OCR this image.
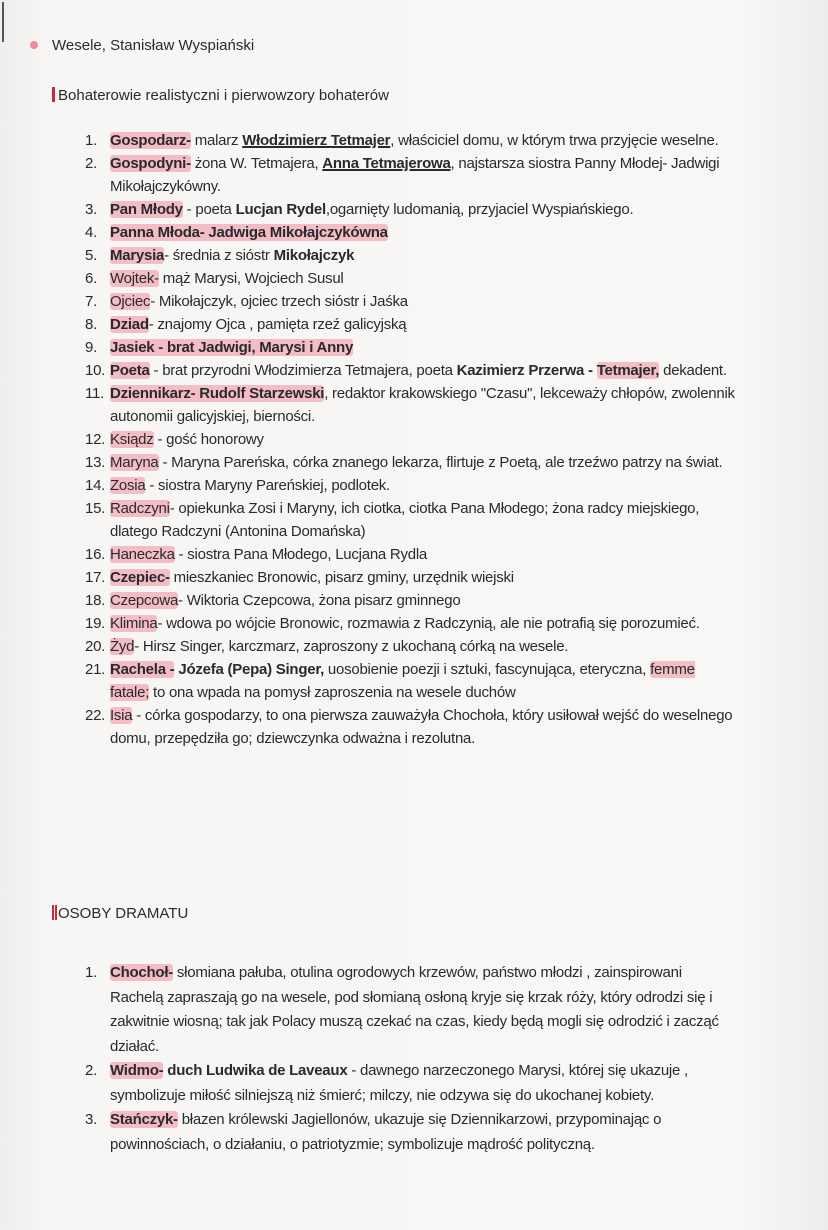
Wesele, Stanisław Wyspiański
Bohaterowie realistyczni i pierwowzory bohaterów
1. Gospodarz- malarz Włodzimierz Tetmajer, właściciel domu, w którym trwa przyjęcie weselne.
2. Gospodyni- żona W. Tetmajera, Anna Tetmajerowa, najstarsza siostra Panny Młodej- Jadwigi Mikołajczykówny.
3. Pan Młody - poeta Lucjan Rydel,ogarnięty ludomanią, przyjaciel Wyspiańskiego.
4. Panna Młoda- Jadwiga Mikołajczykówna
5. Marysia- średnia z sióstr Mikołajczyk
6. Wojtek- mąż Marysi, Wojciech Susul
7. Ojciec- Mikołajczyk, ojciec trzech sióstr i Jaśka
8. Dziad- znajomy Ojca , pamięta rzeź galicyjską
9. Jasiek - brat Jadwigi, Marysi i Anny
10. Poeta - brat przyrodni Włodzimierza Tetmajera, poeta Kazimierz Przerwa - Tetmajer, dekadent.
11. Dziennikarz- Rudolf Starzewski, redaktor krakowskiego "Czasu", lekceważy chłopów, zwolennik autonomii galicyjskiej, bierności.
12. Ksiądz - gość honorowy
13. Maryna - Maryna Pareńska, córka znanego lekarza, flirtuje z Poetą, ale trzeźwo patrzy na świat.
14. Zosia - siostra Maryny Pareńskiej, podlotek.
15. Radczyni- opiekunka Zosi i Maryny, ich ciotka, ciotka Pana Młodego; żona radcy miejskiego, dlatego Radczyni (Antonina Domańska)
16. Haneczka - siostra Pana Młodego, Lucjana Rydla
17. Czepiec- mieszkaniec Bronowic, pisarz gminy, urzędnik wiejski
18. Czepcowa- Wiktoria Czepcowa, żona pisarz gminnego
19. Klimina- wdowa po wójcie Bronowic, rozmawia z Radczynią, ale nie potrafią się porozumieć.
20. Żyd- Hirsz Singer, karczmarz, zaproszony z ukochaną córką na wesele.
21. Rachela - Józefa (Pepa) Singer, uosobienie poezji i sztuki, fascynująca, eteryczna, femme fatale; to ona wpada na pomysł zaproszenia na wesele duchów
22. Isia - córka gospodarzy, to ona pierwsza zauważyła Chochoła, który usiłował wejść do weselnego domu, przepędziła go; dziewczynka odważna i rezolutna.
OSOBY DRAMATU
1. Chochoł- słomiana pałuba, otulina ogrodowych krzewów, państwo młodzi , zainspirowani Rachelą zapraszają go na wesele, pod słomianą osłoną kryje się krzak róży, który odrodzi się i zakwitnie wiosną; tak jak Polacy muszą czekać na czas, kiedy będą mogli się odrodzić i zacząć działać.
2. Widmo- duch Ludwika de Laveaux - dawnego narzeczonego Marysi, której się ukazuje , symbolizuje miłość silniejszą niż śmierć; milczy, nie odzywa się do ukochanej kobiety.
3. Stańczyk- błazen królewski Jagiellonów, ukazuje się Dziennikarzowi, przypominając o powinnościach, o działaniu, o patriotyzmie; symbolizuje mądrość polityczną.
